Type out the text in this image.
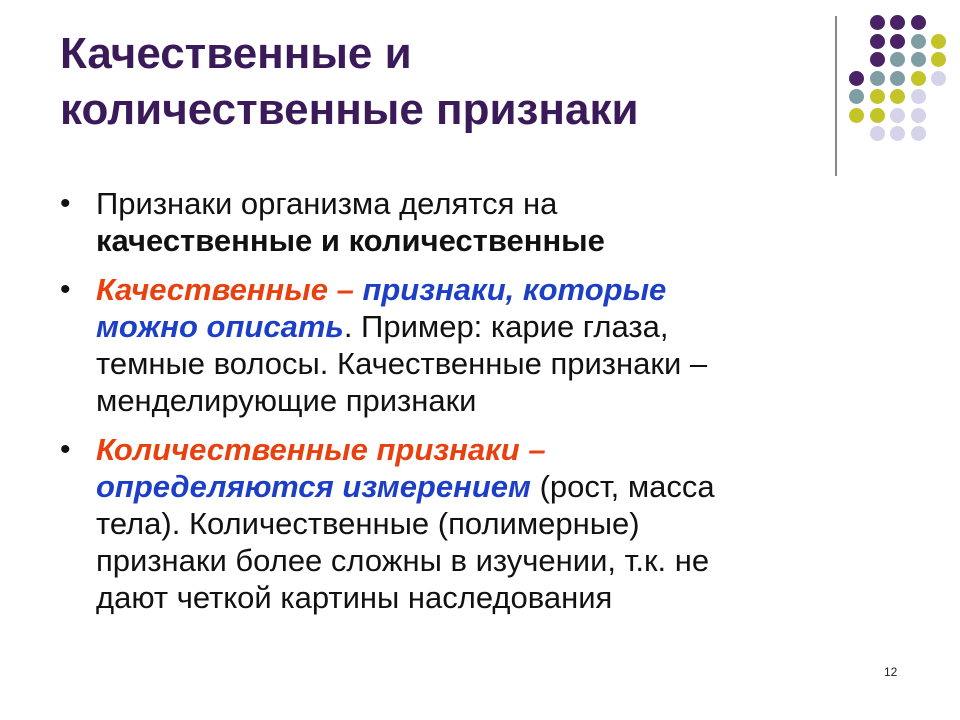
Качественные и
количественные признаки
• Признаки организма делятся на
качественные и количественные
• Качественные – признаки, которые
можно описать. Пример: карие глаза,
темные волосы. Качественные признаки –
менделирующие признаки
• Количественные признаки –
определяются измерением (рост, масса
тела). Количественные (полимерные)
признаки более сложны в изучении, т.к. не
дают четкой картины наследования
12
